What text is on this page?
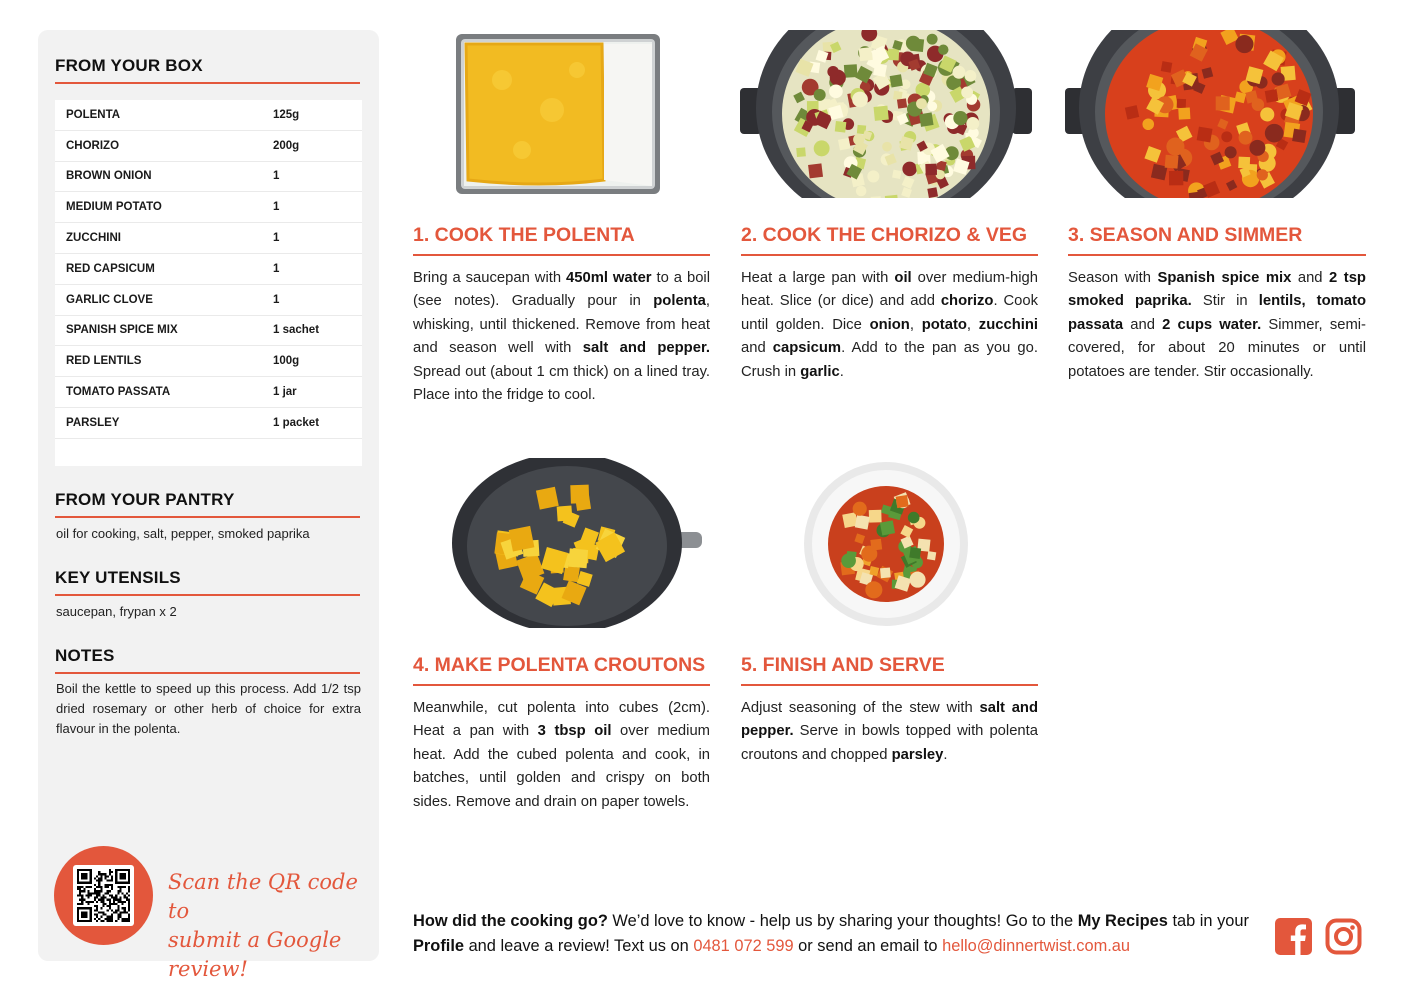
FROM YOUR BOX
POLENTA	125g
CHORIZO	200g
BROWN ONION	1
MEDIUM POTATO	1
ZUCCHINI	1
RED CAPSICUM	1
GARLIC CLOVE	1
SPANISH SPICE MIX	1 sachet
RED LENTILS	100g
TOMATO PASSATA	1 jar
PARSLEY	1 packet
FROM YOUR PANTRY
oil for cooking, salt, pepper, smoked paprika
KEY UTENSILS
saucepan, frypan x 2
NOTES
Boil the kettle to speed up this process. Add 1/2 tsp dried rosemary or other herb of choice for extra flavour in the polenta.
Scan the QR code to
submit a Google review!
1. COOK THE POLENTA
Bring a saucepan with 450ml water to a boil (see notes). Gradually pour in polenta, whisking, until thickened. Remove from heat and season well with salt and pepper. Spread out (about 1 cm thick) on a lined tray. Place into the fridge to cool.
2. COOK THE CHORIZO & VEG
Heat a large pan with oil over medium-high heat. Slice (or dice) and add chorizo. Cook until golden. Dice onion, potato, zucchini and capsicum. Add to the pan as you go. Crush in garlic.
3. SEASON AND SIMMER
Season with Spanish spice mix and 2 tsp smoked paprika. Stir in lentils, tomato passata and 2 cups water. Simmer, semi-covered, for about 20 minutes or until potatoes are tender. Stir occasionally.
4. MAKE POLENTA CROUTONS
Meanwhile, cut polenta into cubes (2cm). Heat a pan with 3 tbsp oil over medium heat. Add the cubed polenta and cook, in batches, until golden and crispy on both sides. Remove and drain on paper towels.
5. FINISH AND SERVE
Adjust seasoning of the stew with salt and pepper. Serve in bowls topped with polenta croutons and chopped parsley.
How did the cooking go? We’d love to know - help us by sharing your thoughts! Go to the My Recipes tab in your Profile and leave a review! Text us on 0481 072 599 or send an email to hello@dinnertwist.com.au
